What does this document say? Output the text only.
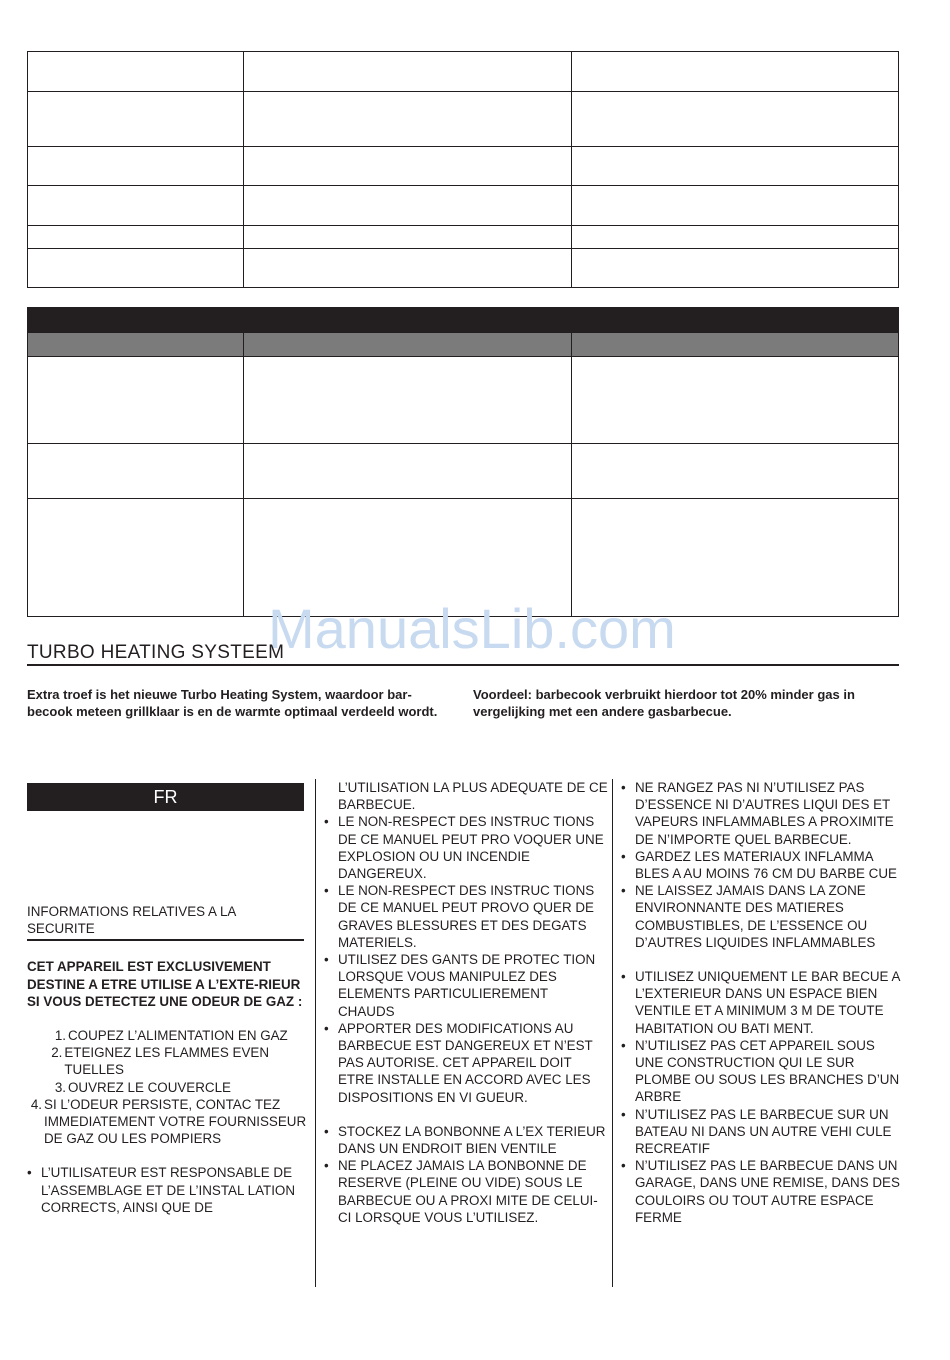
ManualsLib.com
TURBO HEATING SYSTEEM
Extra troef is het nieuwe Turbo Heating System, waardoor bar-becook meteen grillklaar is en de warmte optimaal verdeeld wordt.
Voordeel: barbecook verbruikt hierdoor tot 20% minder gas in vergelijking met een andere gasbarbecue.
FR
INFORMATIONS RELATIVES A LA SECURITE
CET APPAREIL EST EXCLUSIVEMENT DESTINE A ETRE UTILISE A L’EXTE-RIEUR
SI VOUS DETECTEZ UNE ODEUR DE GAZ :
1. COUPEZ L’ALIMENTATION EN GAZ
2. ETEIGNEZ LES FLAMMES EVEN TUELLES
3. OUVREZ LE COUVERCLE
4. SI L’ODEUR PERSISTE, CONTAC TEZ IMMEDIATEMENT VOTRE FOURNISSEUR DE GAZ OU LES POMPIERS
• L’UTILISATEUR EST RESPONSABLE DE L’ASSEMBLAGE ET DE L’INSTAL LATION CORRECTS, AINSI QUE DE
L’UTILISATION LA PLUS ADEQUATE DE CE BARBECUE.
• LE NON-RESPECT DES INSTRUC TIONS DE CE MANUEL PEUT PRO VOQUER UNE EXPLOSION OU UN INCENDIE DANGEREUX.
• LE NON-RESPECT DES INSTRUC TIONS DE CE MANUEL PEUT PROVO QUER DE GRAVES BLESSURES ET DES DEGATS MATERIELS.
• UTILISEZ DES GANTS DE PROTEC TION LORSQUE VOUS MANIPULEZ DES ELEMENTS PARTICULIEREMENT CHAUDS
• APPORTER DES MODIFICATIONS AU BARBECUE EST DANGEREUX ET N’EST PAS AUTORISE. CET APPAREIL DOIT ETRE INSTALLE EN ACCORD AVEC LES DISPOSITIONS EN VI GUEUR.
• STOCKEZ LA BONBONNE A L’EX TERIEUR DANS UN ENDROIT BIEN VENTILE
• NE PLACEZ JAMAIS LA BONBONNE DE RESERVE (PLEINE OU VIDE) SOUS LE BARBECUE OU A PROXI MITE DE CELUI-CI LORSQUE VOUS L’UTILISEZ.
• NE RANGEZ PAS NI N’UTILISEZ PAS D’ESSENCE NI D’AUTRES LIQUI DES ET VAPEURS INFLAMMABLES A PROXIMITE DE N’IMPORTE QUEL BARBECUE.
• GARDEZ LES MATERIAUX INFLAMMA BLES A AU MOINS 76 CM DU BARBE CUE
• NE LAISSEZ JAMAIS DANS LA ZONE ENVIRONNANTE DES MATIERES COMBUSTIBLES, DE L’ESSENCE OU D’AUTRES LIQUIDES INFLAMMABLES
• UTILISEZ UNIQUEMENT LE BAR BECUE A L’EXTERIEUR DANS UN ESPACE BIEN VENTILE ET A MINIMUM 3 M DE TOUTE HABITATION OU BATI MENT.
• N’UTILISEZ PAS CET APPAREIL SOUS UNE CONSTRUCTION QUI LE SUR PLOMBE OU SOUS LES BRANCHES D’UN ARBRE
• N’UTILISEZ PAS LE BARBECUE SUR UN BATEAU NI DANS UN AUTRE VEHI CULE RECREATIF
• N’UTILISEZ PAS LE BARBECUE DANS UN GARAGE, DANS UNE REMISE, DANS DES COULOIRS OU TOUT AUTRE ESPACE FERME
